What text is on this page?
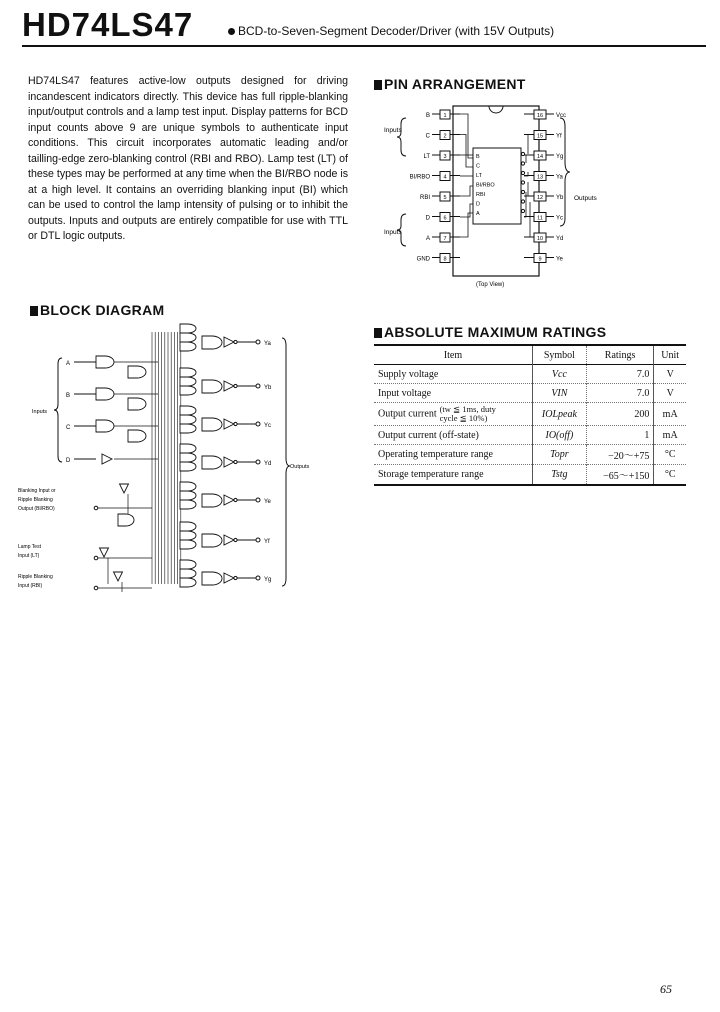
HD74LS47	BCD-to-Seven-Segment Decoder/Driver (with 15V Outputs)
HD74LS47 features active-low outputs designed for driving incandescent indicators directly. This device has full ripple-blanking input/output controls and a lamp test input. Display patterns for BCD input counts above 9 are unique symbols to authenticate input conditions. This circuit incorporates automatic leading and/or tailling-edge zero-blanking control (RBI and RBO). Lamp test (LT) of these types may be performed at any time when the BI/RBO node is at a high level. It contains an overriding blanking input (BI) which can be used to control the lamp intensity of pulsing or to inhibit the outputs. Inputs and outputs are entirely compatible for use with TTL or DTL logic outputs.
PIN ARRANGEMENT
1
B
2
C
3
LT
4
BI/RBO
5
RBI
6
D
7
A
8
GND
16 Vcc
15 Yf
14 Yg
13 Ya
12 Yb
11 Yc
10 Yd
9 Ye
B
C
LT
BI/RBO
RBI
D
A
Inputs
Inputs
Outputs
(Top View)
BLOCK DIAGRAM
A
B
C
D
Inputs
Ya
Yb
Yc
Yd
Ye
Yf
Yg
Outputs
Blanking Input or
Ripple Blanking
Output (BI/RBO)
Lamp Test
Input (LT)
Ripple Blanking
Input (RBI)
ABSOLUTE MAXIMUM RATINGS
Item	Symbol	Ratings	Unit
Supply voltage	Vcc	7.0	V
Input voltage	VIN	7.0	V
Output current (tw ≦ 1ms, duty
cycle ≦ 10%)	IOLpeak	200	mA
Output current (off-state)	IO(off)	1	mA
Operating temperature range	Topr	−20～+75	°C
Storage temperature range	Tstg	−65～+150	°C
65
